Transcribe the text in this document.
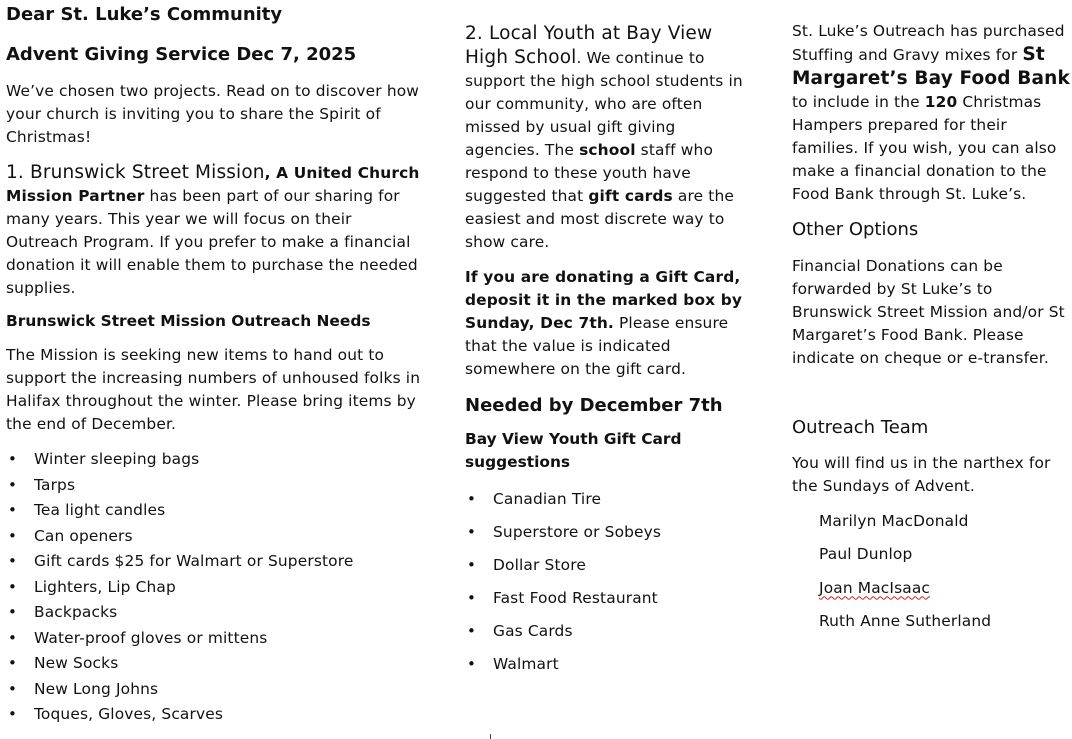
Dear St. Luke’s Community

Advent Giving Service Dec 7, 2025

We’ve chosen two projects. Read on to discover how your church is inviting you to share the Spirit of Christmas!

1. Brunswick Street Mission, A United Church Mission Partner has been part of our sharing for many years. This year we will focus on their Outreach Program. If you prefer to make a financial donation it will enable them to purchase the needed supplies.

Brunswick Street Mission Outreach Needs

The Mission is seeking new items to hand out to support the increasing numbers of unhoused folks in Halifax throughout the winter. Please bring items by the end of December.

• Winter sleeping bags
• Tarps
• Tea light candles
• Can openers
• Gift cards $25 for Walmart or Superstore
• Lighters, Lip Chap
• Backpacks
• Water-proof gloves or mittens
• New Socks
• New Long Johns
• Toques, Gloves, Scarves

2. Local Youth at Bay View High School. We continue to support the high school students in our community, who are often missed by usual gift giving agencies. The school staff who respond to these youth have suggested that gift cards are the easiest and most discrete way to show care.

If you are donating a Gift Card, deposit it in the marked box by Sunday, Dec 7th. Please ensure that the value is indicated somewhere on the gift card.

Needed by December 7th

Bay View Youth Gift Card suggestions

• Canadian Tire
• Superstore or Sobeys
• Dollar Store
• Fast Food Restaurant
• Gas Cards
• Walmart

St. Luke’s Outreach has purchased Stuffing and Gravy mixes for St Margaret’s Bay Food Bank to include in the 120 Christmas Hampers prepared for their families. If you wish, you can also make a financial donation to the Food Bank through St. Luke’s.

Other Options

Financial Donations can be forwarded by St Luke’s to Brunswick Street Mission and/or St Margaret’s Food Bank. Please indicate on cheque or e-transfer.

Outreach Team

You will find us in the narthex for the Sundays of Advent.

Marilyn MacDonald
Paul Dunlop
Joan MacIsaac
Ruth Anne Sutherland
